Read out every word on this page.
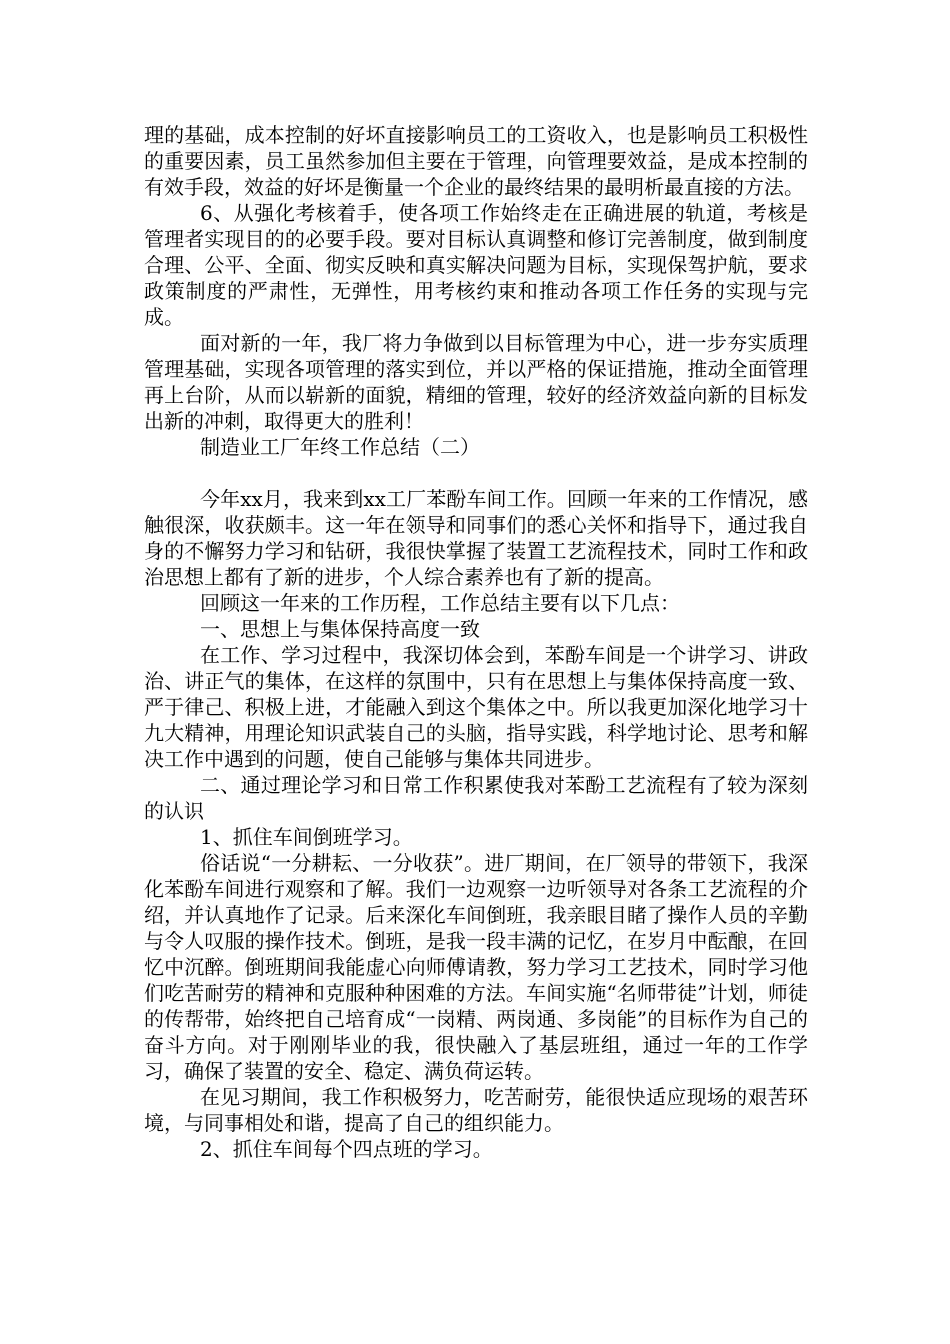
理的基础，成本控制的好坏直接影响员工的工资收入，也是影响员工积极性的重要因素，员工虽然参加但主要在于管理，向管理要效益，是成本控制的有效手段，效益的好坏是衡量一个企业的最终结果的最明析最直接的方法。

6、从强化考核着手，使各项工作始终走在正确进展的轨道，考核是管理者实现目的的必要手段。要对目标认真调整和修订完善制度，做到制度合理、公平、全面、彻实反映和真实解决问题为目标，实现保驾护航，要求政策制度的严肃性，无弹性，用考核约束和推动各项工作任务的实现与完成。

面对新的一年，我厂将力争做到以目标管理为中心，进一步夯实质理管理基础，实现各项管理的落实到位，并以严格的保证措施，推动全面管理再上台阶，从而以崭新的面貌，精细的管理，较好的经济效益向新的目标发出新的冲刺，取得更大的胜利！

制造业工厂年终工作总结（二）

今年xx月，我来到xx工厂苯酚车间工作。回顾一年来的工作情况，感触很深，收获颇丰。这一年在领导和同事们的悉心关怀和指导下，通过我自身的不懈努力学习和钻研，我很快掌握了装置工艺流程技术，同时工作和政治思想上都有了新的进步，个人综合素养也有了新的提高。

回顾这一年来的工作历程，工作总结主要有以下几点：

一、思想上与集体保持高度一致

在工作、学习过程中，我深切体会到，苯酚车间是一个讲学习、讲政治、讲正气的集体，在这样的氛围中，只有在思想上与集体保持高度一致、严于律己、积极上进，才能融入到这个集体之中。所以我更加深化地学习十九大精神，用理论知识武装自己的头脑，指导实践，科学地讨论、思考和解决工作中遇到的问题，使自己能够与集体共同进步。

二、通过理论学习和日常工作积累使我对苯酚工艺流程有了较为深刻的认识

1、抓住车间倒班学习。

俗话说“一分耕耘、一分收获”。进厂期间，在厂领导的带领下，我深化苯酚车间进行观察和了解。我们一边观察一边听领导对各条工艺流程的介绍，并认真地作了记录。后来深化车间倒班，我亲眼目睹了操作人员的辛勤与令人叹服的操作技术。倒班，是我一段丰满的记忆，在岁月中酝酿，在回忆中沉醉。倒班期间我能虚心向师傅请教，努力学习工艺技术，同时学习他们吃苦耐劳的精神和克服种种困难的方法。车间实施“名师带徒”计划，师徒的传帮带，始终把自己培育成“一岗精、两岗通、多岗能”的目标作为自己的奋斗方向。对于刚刚毕业的我，很快融入了基层班组，通过一年的工作学习，确保了装置的安全、稳定、满负荷运转。

在见习期间，我工作积极努力，吃苦耐劳，能很快适应现场的艰苦环境，与同事相处和谐，提高了自己的组织能力。

2、抓住车间每个四点班的学习。
